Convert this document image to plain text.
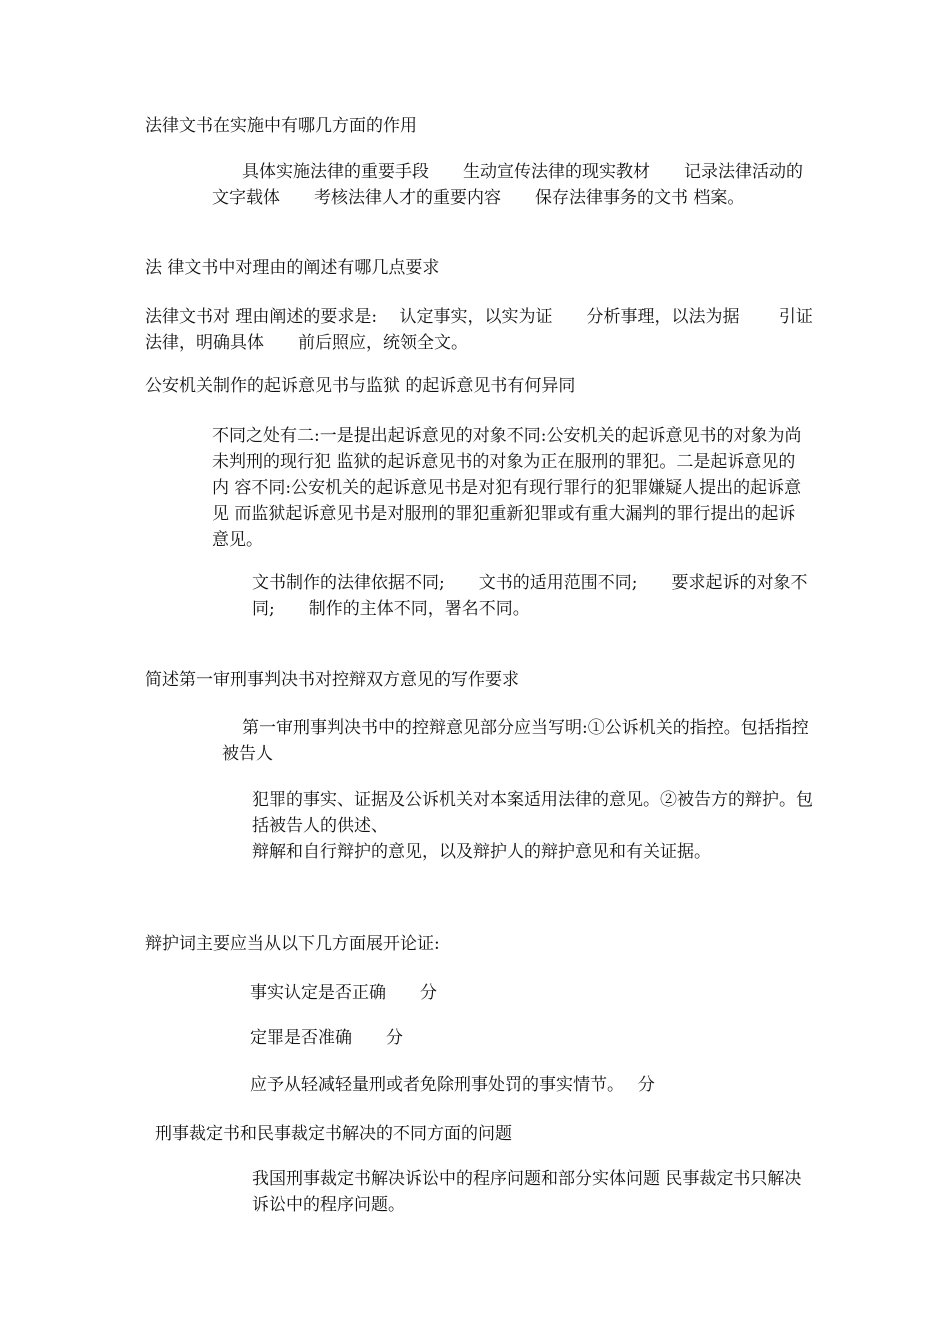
法律文书在实施中有哪几方面的作用
具体实施法律的重要手段　　生动宣传法律的现实教材　　记录法律活动的文字载体　　考核法律人才的重要内容　　保存法律事务的文书 档案。
法 律文书中对理由的阐述有哪几点要求
法律文书对 理由阐述的要求是:　 认定事实，以实为证　　分析事理，以法为据　　 引证法律，明确具体　　前后照应，统领全文。
公安机关制作的起诉意见书与监狱 的起诉意见书有何异同
不同之处有二:一是提出起诉意见的对象不同:公安机关的起诉意见书的对象为尚未判刑的现行犯 监狱的起诉意见书的对象为正在服刑的罪犯。二是起诉意见的内 容不同:公安机关的起诉意见书是对犯有现行罪行的犯罪嫌疑人提出的起诉意见 而监狱起诉意见书是对服刑的罪犯重新犯罪或有重大漏判的罪行提出的起诉意见。
文书制作的法律依据不同;　　文书的适用范围不同;　　要求起诉的对象不 同;　　制作的主体不同，署名不同。
简述第一审刑事判决书对控辩双方意见的写作要求
第一审刑事判决书中的控辩意见部分应当写明:①公诉机关的指控。包括指控被告人
犯罪的事实、证据及公诉机关对本案适用法律的意见。②被告方的辩护。包括被告人的供述、
辩解和自行辩护的意见，以及辩护人的辩护意见和有关证据。
辩护词主要应当从以下几方面展开论证:
事实认定是否正确　　分
定罪是否准确　　分
应予从轻减轻量刑或者免除刑事处罚的事实情节。　 分
刑事裁定书和民事裁定书解决的不同方面的问题
我国刑事裁定书解决诉讼中的程序问题和部分实体问题 民事裁定书只解决诉讼中的程序问题。
